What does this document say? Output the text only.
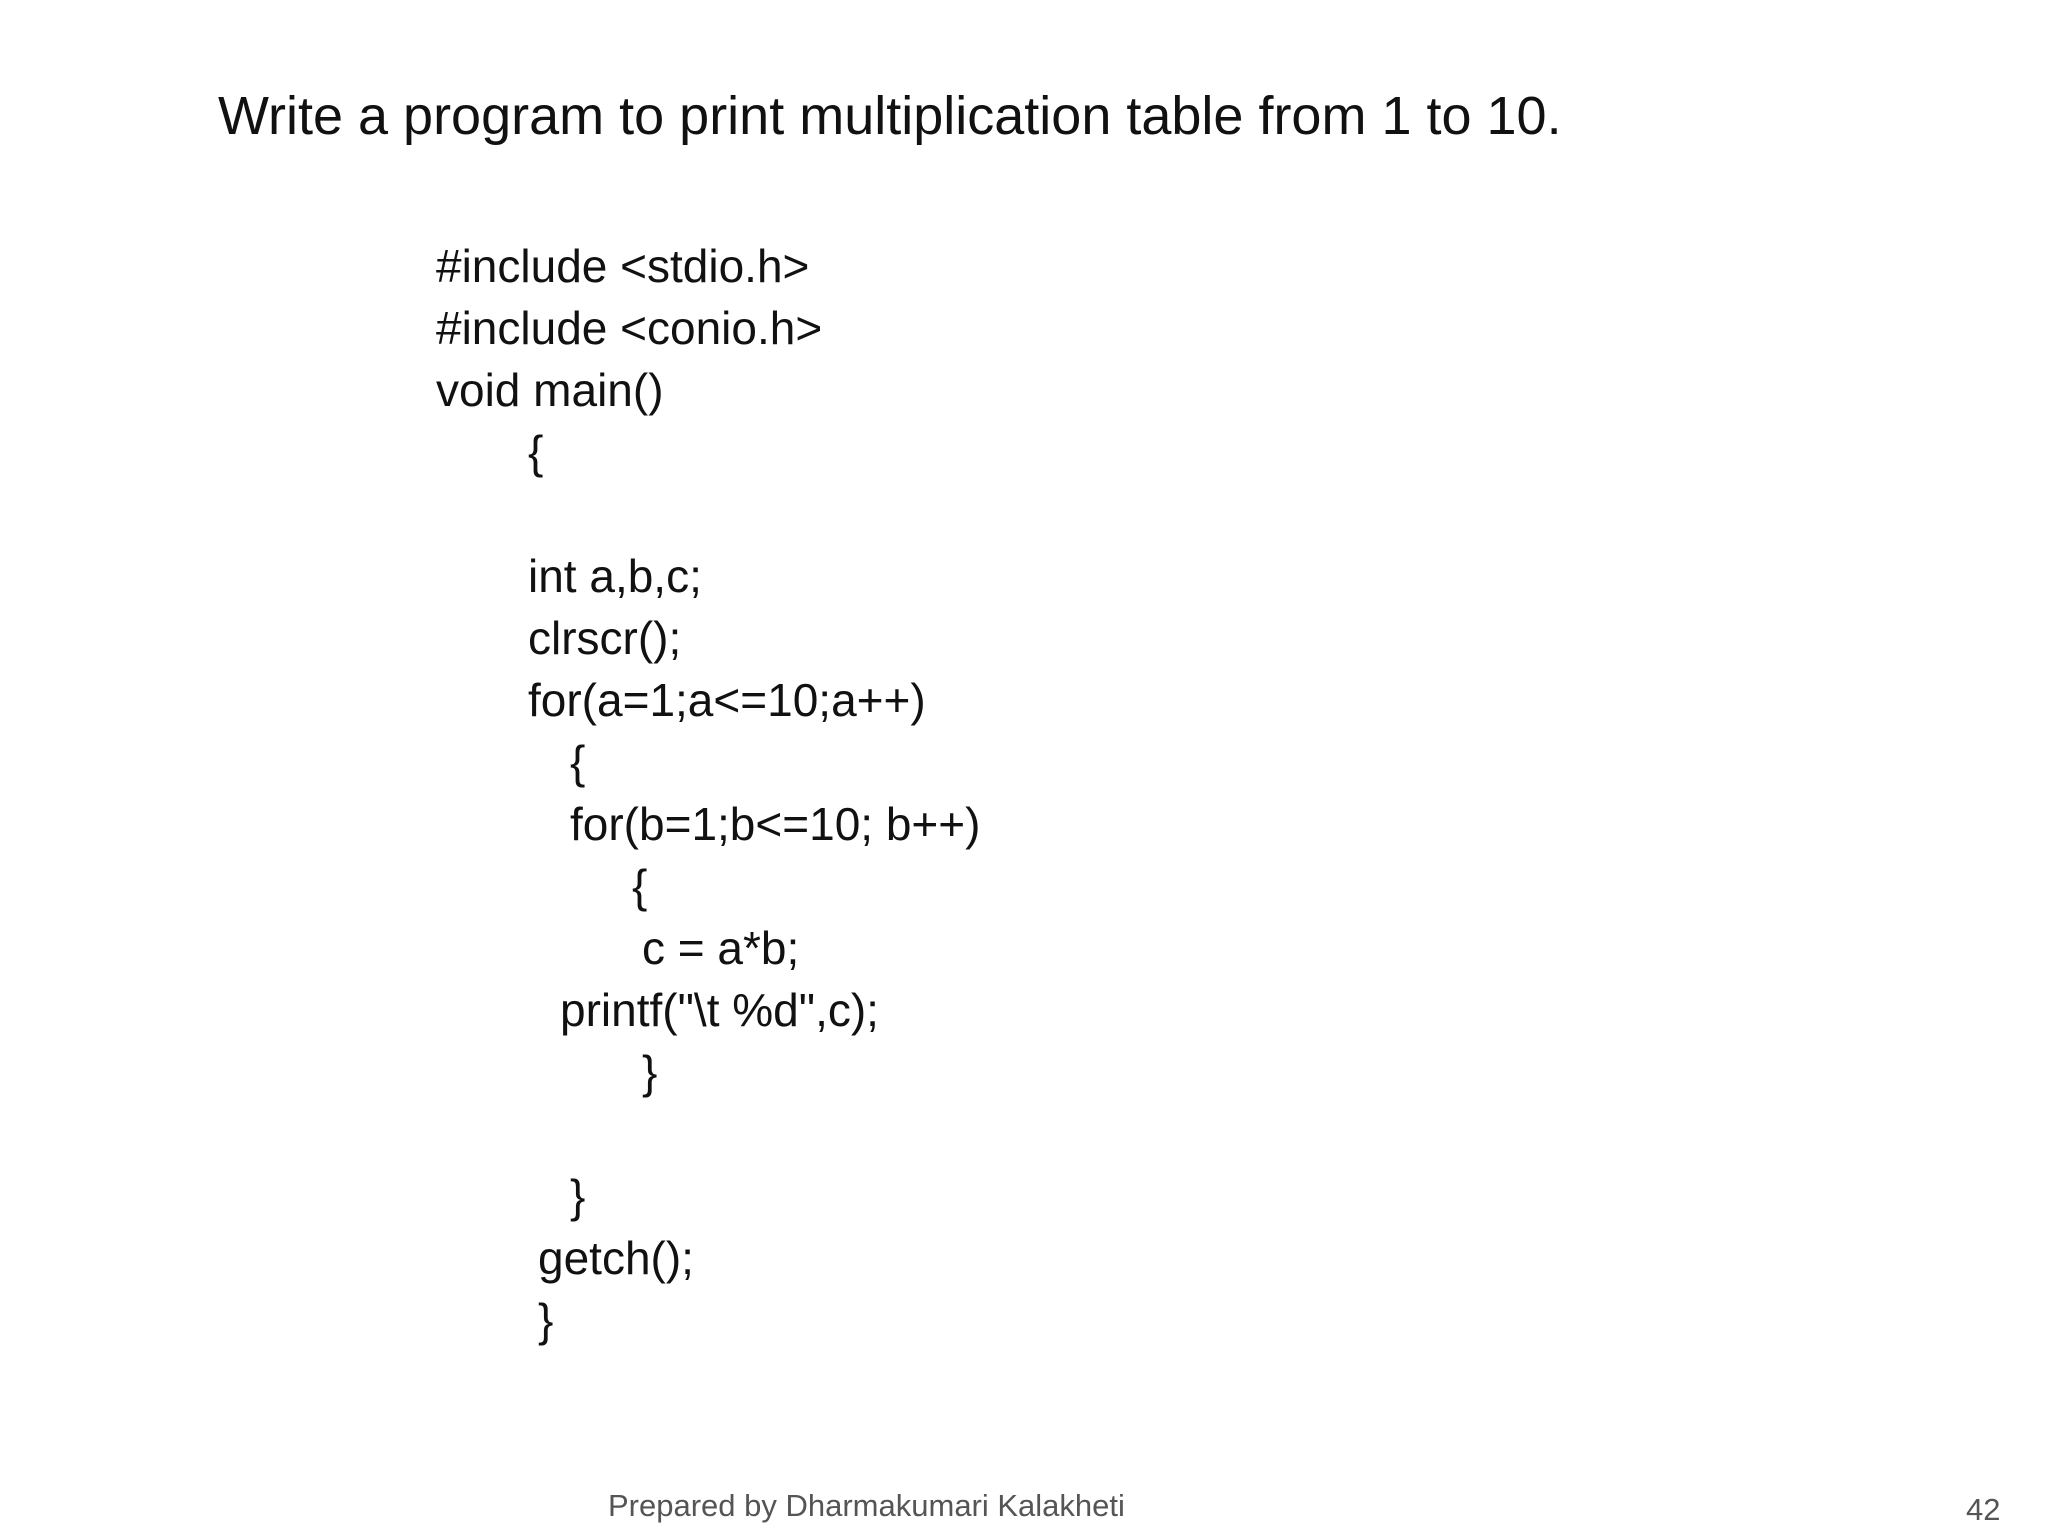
Write a program to print multiplication table from 1 to 10.
#include <stdio.h>
#include <conio.h>
void main()
{
int a,b,c;
clrscr();
for(a=1;a<=10;a++)
{
for(b=1;b<=10; b++)
{
c = a*b;
printf("\t %d",c);
}
}
getch();
}
Prepared by Dharmakumari Kalakheti	42
